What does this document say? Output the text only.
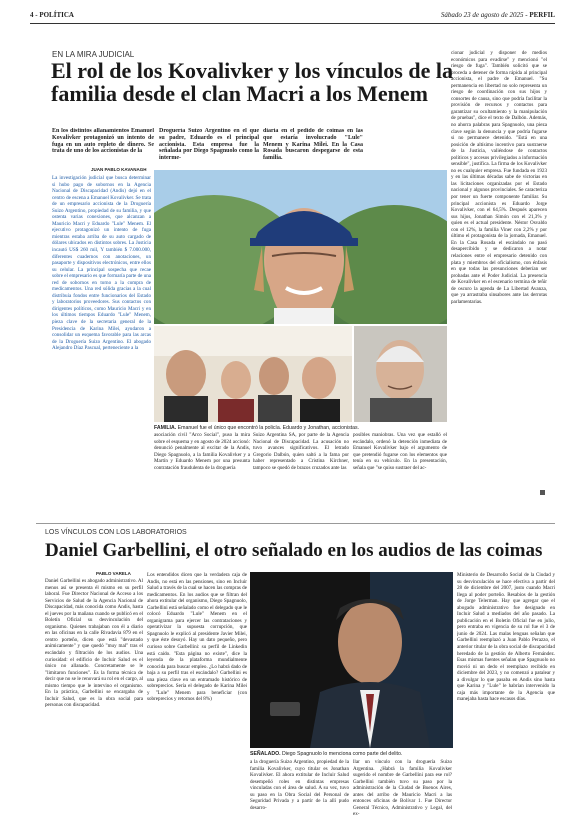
4 - POLÍTICA	Sábado 23 de agosto de 2025 - PERFIL
EN LA MIRA JUDICIAL
El rol de los Kovalivker y los vínculos de la familia desde el clan Macri a los Menem
En los distintos allanamientos Emanuel Kovalivker protagonizó un intento de fuga en un auto repleto de dinero. Se trata de uno de los accionistas de la
Droguería Suizo Argentino en el que su padre, Eduardo es el principal accionista. Esta empresa fue la señalada por Diego Spagnuolo como la interme-
diaria en el pedido de coimas en las que estaría involucrado "Lule" Menem y Karina Milei. En la Casa Rosada buscaron despegarse de esta familia.
JUAN PABLO KAVANAGH
La investigación judicial que busca determinar si hubo pago de sobornos en la Agencia Nacional de Discapacidad (Andis) dejó en el centro de escena a Emanuel Kovalivker. Se trata de un empresario accionista de la Droguería Suizo Argentino, propiedad de su familia, y que ostenta varias conexiones, que alcanzan a Mauricio Macri y Eduardo "Lule" Menem. El ejecutivo protagonizó un intento de fuga mientras estaba arriba de su auto cargado de dólares ubicados en distintos sobres. La Justicia incautó US$ 260 mil, Y también $ 7.000.000, diferentes cuadernos con anotaciones, un pasaporte y dispositivos electrónicos, entre ellos su celular. La principal sospecha que recae sobre el empresario es que formaría parte de una red de sobornos en torno a la compra de medicamentos. Una red sólida gracias a la cual distribuía fondos entre funcionarios del Estado y laboratorios proveedores. Sus contactos con dirigentes políticos, como Mauricio Macri y en los últimos tiempos Eduardo "Lule" Menem, pieza clave de la secretaria general de la Presidencia de Karina Milei, ayudaron a consolidar un esquema favorable para las arcas de la Droguería Suizo Argentino. El abogado Alejandro Díaz Pascual, perteneciente a la
FAMILIA. Emanuel fue el único que encontró la policía. Eduardo y Jonathan, accionistas.
asociación civil "Arco Social", puso la mira sobre el esquema y en agosto de 2024 accionó: denunció penalmente al excitar de la Andis, Diego Spagnuolo, a la familia Kovalivker y a Martín y Eduardo Menem por una presunta contratación fraudulenta de la droguería
Suizo Argentina SA, por parte de la Agencia Nacional de Discapacidad. La acusación no tuvo avances significativos. El letrado Gregorio Dalbón, quien saltó a la fama por haber representado a Cristina Kirchner, tampoco se quedó de brazos cruzados ante las
posibles maniobras. Una vez que estalló el escándalo, ordenó la detención inmediata de Emanuel Kovalivker bajo el argumento de que pretendió fugarse con los elementos que tenía en su vehículo. En la presentación, señala que "se quiso sustraer del ac-
cionar judicial y disponer de medios económicos para evadirse" y mencionó "el riesgo de fuga". También solicitó que se proceda a detener de forma rápida al principal accionista, el padre de Emanuel. "Su permanencia en libertad no solo representa un riesgo de coordinación con sus hijos y consortes de causa, sino que podría facilitar la provisión de recursos y contactos para garantizar su ocultamiento y la manipulación de pruebas", dice el texto de Dalbón. Además, no ahorra palabras para Spagnuolo, una pieza clave según la denuncia y que podría fugarse si no permanece detenido. "Está en una posición de altísimo incentivo para sustraerse de la Justicia, valiéndose de contactos políticos y accesos privilegiados a información sensible", justifica. La firma de los Kovalivker no es cualquier empresa. Fue fundada en 1923 y en las últimas décadas sabe de victorias en las licitaciones organizadas por el Estado nacional y algunos provinciales. Se caracteriza por tener un fuerte componente familiar. Su principal accionista es Eduardo Jorge Kovalivker, con el 64,5%. Después aparecen sus hijos, Jonathan Simón con el 21,3% y quien es el actual presidente. Néstor Osvaldo con el 12%, la familia Viner con 2,2% y por último el protagonista de la jornada, Emanuel. En la Casa Rosada el escándalo no pasó desapercibido y se dedicaron a notar relaciones entre el empresario detenido con plata y miembros del oficialismo, con énfasis en que todas las presunciones deberían ser probadas ante el Poder Judicial. La presencia de Kovalivker en el escenario termina de teñir de oscuro la agenda de La Libertad Avanza, que ya arrastraba sinsabores ante las derrotas parlamentarias.
LOS VÍNCULOS CON LOS LABORATORIOS
Daniel Garbellini, el otro señalado en los audios de las coimas
PABLO VARELA
Daniel Garbellini es abogado administrativo. Al menos así se presenta él mismo en su perfil laboral. Fue Director Nacional de Acceso a los Servicios de Salud de la Agencia Nacional de Discapacidad, más conocida como Andis, hasta el jueves por la mañana cuando se publicó en el Boletín Oficial su desvinculación del organismo. Quienes trabajaban con él a diario en las oficinas en la calle Rivadavia 879 en el centro porteño, dicen que está "devastado anímicamente" y que quedó "muy mal" tras el escándalo y filtración de los audios. Una curiosidad: el edificio de Incluir Salud es el único no allanado. Concretamente se le "limitaron funciones". Es la forma técnica de decir que no se le renovará su rol en el cargo, al mismo tiempo que le intervino el organismo. En la práctica, Garbellini se encargaba de Incluir Salud, que es la obra social para personas con discapacidad.
Los entendidos dicen que la verdadera caja de Andis, no está en las pensiones, sino en Incluir Salud a través de la cual se hacen las compras de medicamentos. En los audios que se filtran del ahora extitular del organismo, Diego Spagnuolo, Garbellini está señalado como el delegado que le colocó Eduardo "Lule" Menem en el organigrama para ejercer las contrataciones y operativizar la supuesta corrupción, que Spagnuolo le explicó al presidente Javier Milei, y que éste desoyó. Hay un dato pequeño, pero curioso sobre Garbellini: su perfil de Linkedin está caído. "Esta página no existe", dice la leyenda de la plataforma mundialmente conocida para buscar empleo. ¿Lo habrá dado de baja a su perfil tras el escándalo? Garbellini es una pieza clave en un entramado histórico de sobreprecios. Sería el delegado de Karina Milei y "Lule" Menem para beneficiar (con sobreprecios y retornos del 8%)
SEÑALADO. Diego Spagnuolo lo menciona como parte del delito.
a la droguería Suizo Argentino, propiedad de la familia Kovalivker, cuyo titular es Jonathan Kovalivker. El ahora extitular de Incluir Salud desempeñó roles en distintas empresas vinculadas con el área de salud. A su vez, tuvo su paso en la Obra Social del Personal de Seguridad Privada y a partir de la allí pudo desarro-
llar un vínculo con la droguería Suizo Argentina. ¿Habrá la familia Kovalivker sugerido el nombre de Garbellini para ese rol? Garbellini también tuvo su paso por la administración de la Ciudad de Buenos Aires, antes del arribo de Mauricio Macri a las entonces oficinas de Bolívar 1. Fue Director General Técnico, Administrativo y Legal, del ex-
Ministerio de Desarrollo Social de la Ciudad y su desvinculación se hace efectiva a partir del 28 de diciembre del 2007, justo cuando Macri llega al poder porteño. Resabios de la gestión de Jorge Telerman. Hay que agregar que el abogado administrativo fue designado en Incluir Salud a mediados del año pasado. La publicación en el Boletín Oficial fue en julio, pero entraba en vigencia de su rol fue el 3 de junio de 2024. Las malas lenguas señalan que Garbellini reemplazó a Juan Pablo Perazzo, el anterior titular de la obra social de discapacidad heredado de la gestión de Alberto Fernández. Esas mismas fuentes señalan que Spagnuolo no movió ni un dedo el reemplazo recibido en diciembre del 2023, y no comenzó a patalear y a divulgar lo que pasaba en Andis sino hasta que Karina y "Lule" le habrían intervenido la caja más importante de la Agencia que manejaba hasta hace escasos días.
